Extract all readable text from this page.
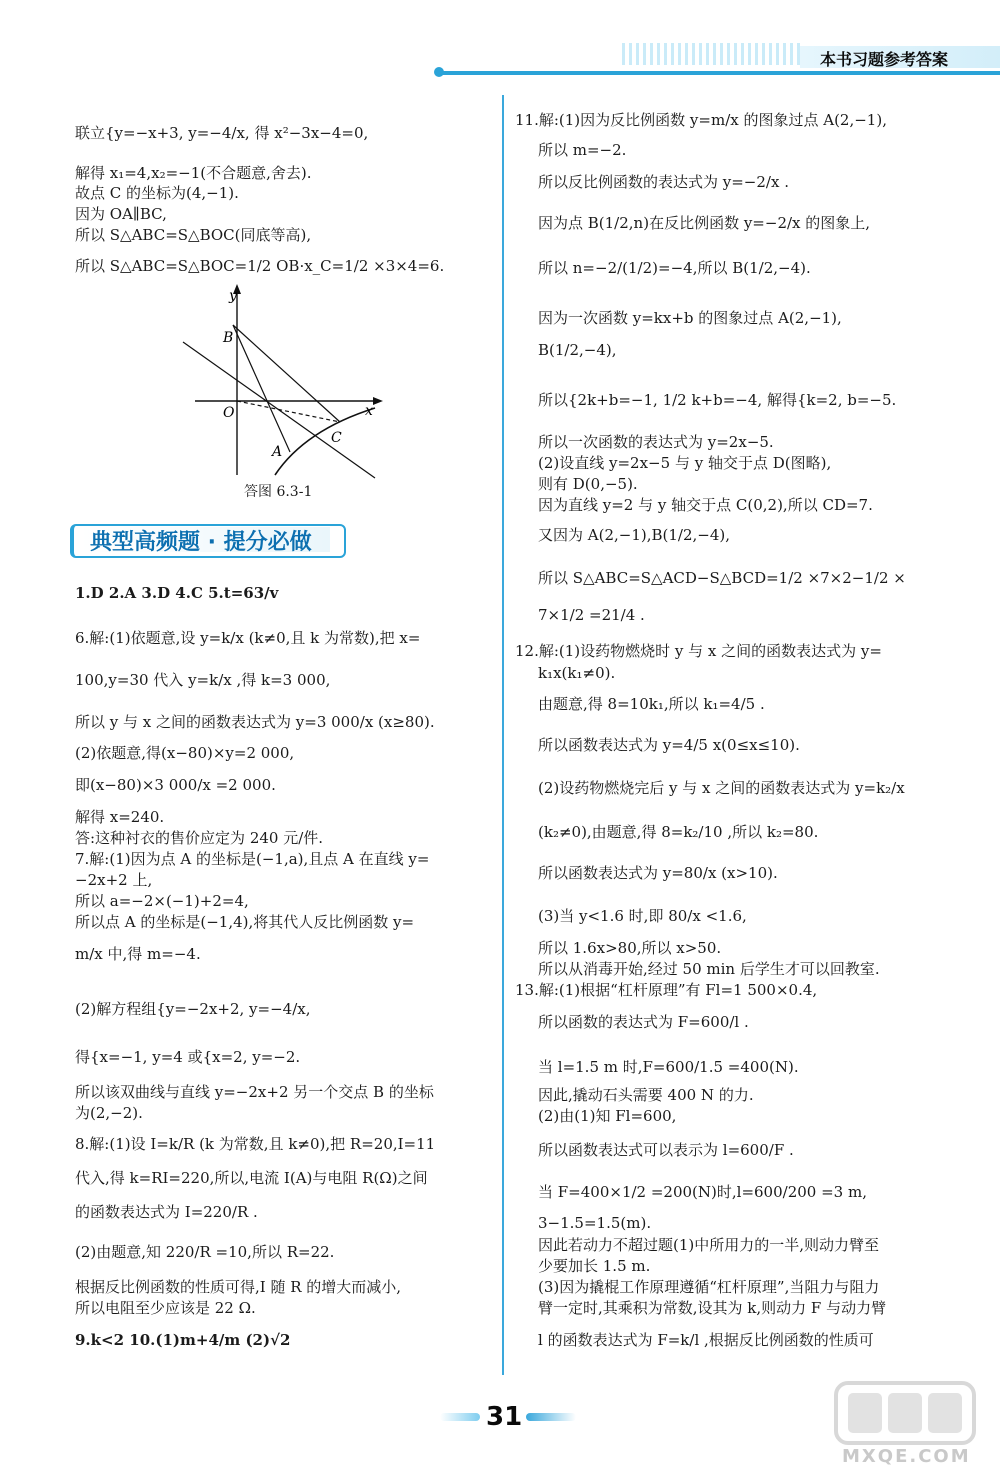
本书习题参考答案
联立{y=−x+3, y=−4/x, 得 x²−3x−4=0,
解得 x₁=4,x₂=−1(不合题意,舍去).
故点 C 的坐标为(4,−1).
因为 OA∥BC,
所以 S△ABC=S△BOC(同底等高),
所以 S△ABC=S△BOC=1/2 OB·x_C=1/2 ×3×4=6.
y
x
B
O
A
C
答图 6.3-1
典型高频题 · 提分必做
1.D 2.A 3.D 4.C 5.t=63/v
6.解:(1)依题意,设 y=k/x (k≠0,且 k 为常数),把 x=
100,y=30 代入 y=k/x ,得 k=3 000,
所以 y 与 x 之间的函数表达式为 y=3 000/x (x≥80).
(2)依题意,得(x−80)×y=2 000,
即(x−80)×3 000/x =2 000.
解得 x=240.
答:这种衬衣的售价应定为 240 元/件.
7.解:(1)因为点 A 的坐标是(−1,a),且点 A 在直线 y=
−2x+2 上,
所以 a=−2×(−1)+2=4,
所以点 A 的坐标是(−1,4),将其代人反比例函数 y=
m/x 中,得 m=−4.
(2)解方程组{y=−2x+2, y=−4/x,
得{x=−1, y=4 或{x=2, y=−2.
所以该双曲线与直线 y=−2x+2 另一个交点 B 的坐标
为(2,−2).
8.解:(1)设 I=k/R (k 为常数,且 k≠0),把 R=20,I=11
代入,得 k=RI=220,所以,电流 I(A)与电阻 R(Ω)之间
的函数表达式为 I=220/R .
(2)由题意,知 220/R =10,所以 R=22.
根据反比例函数的性质可得,I 随 R 的增大而减小,
所以电阻至少应该是 22 Ω.
9.k<2 10.(1)m+4/m (2)√2
11.解:(1)因为反比例函数 y=m/x 的图象过点 A(2,−1),
所以 m=−2.
所以反比例函数的表达式为 y=−2/x .
因为点 B(1/2,n)在反比例函数 y=−2/x 的图象上,
所以 n=−2/(1/2)=−4,所以 B(1/2,−4).
因为一次函数 y=kx+b 的图象过点 A(2,−1),
B(1/2,−4),
所以{2k+b=−1, 1/2 k+b=−4, 解得{k=2, b=−5.
所以一次函数的表达式为 y=2x−5.
(2)设直线 y=2x−5 与 y 轴交于点 D(图略),
则有 D(0,−5).
因为直线 y=2 与 y 轴交于点 C(0,2),所以 CD=7.
又因为 A(2,−1),B(1/2,−4),
所以 S△ABC=S△ACD−S△BCD=1/2 ×7×2−1/2 ×
7×1/2 =21/4 .
12.解:(1)设药物燃烧时 y 与 x 之间的函数表达式为 y=
k₁x(k₁≠0).
由题意,得 8=10k₁,所以 k₁=4/5 .
所以函数表达式为 y=4/5 x(0≤x≤10).
(2)设药物燃烧完后 y 与 x 之间的函数表达式为 y=k₂/x
(k₂≠0),由题意,得 8=k₂/10 ,所以 k₂=80.
所以函数表达式为 y=80/x (x>10).
(3)当 y<1.6 时,即 80/x <1.6,
所以 1.6x>80,所以 x>50.
所以从消毒开始,经过 50 min 后学生才可以回教室.
13.解:(1)根据“杠杆原理”有 Fl=1 500×0.4,
所以函数的表达式为 F=600/l .
当 l=1.5 m 时,F=600/1.5 =400(N).
因此,撬动石头需要 400 N 的力.
(2)由(1)知 Fl=600,
所以函数表达式可以表示为 l=600/F .
当 F=400×1/2 =200(N)时,l=600/200 =3 m,
3−1.5=1.5(m).
因此若动力不超过题(1)中所用力的一半,则动力臂至
少要加长 1.5 m.
(3)因为撬棍工作原理遵循“杠杆原理”,当阻力与阻力
臂一定时,其乘积为常数,设其为 k,则动力 F 与动力臂
l 的函数表达式为 F=k/l ,根据反比例函数的性质可
31
MXQE.COM
